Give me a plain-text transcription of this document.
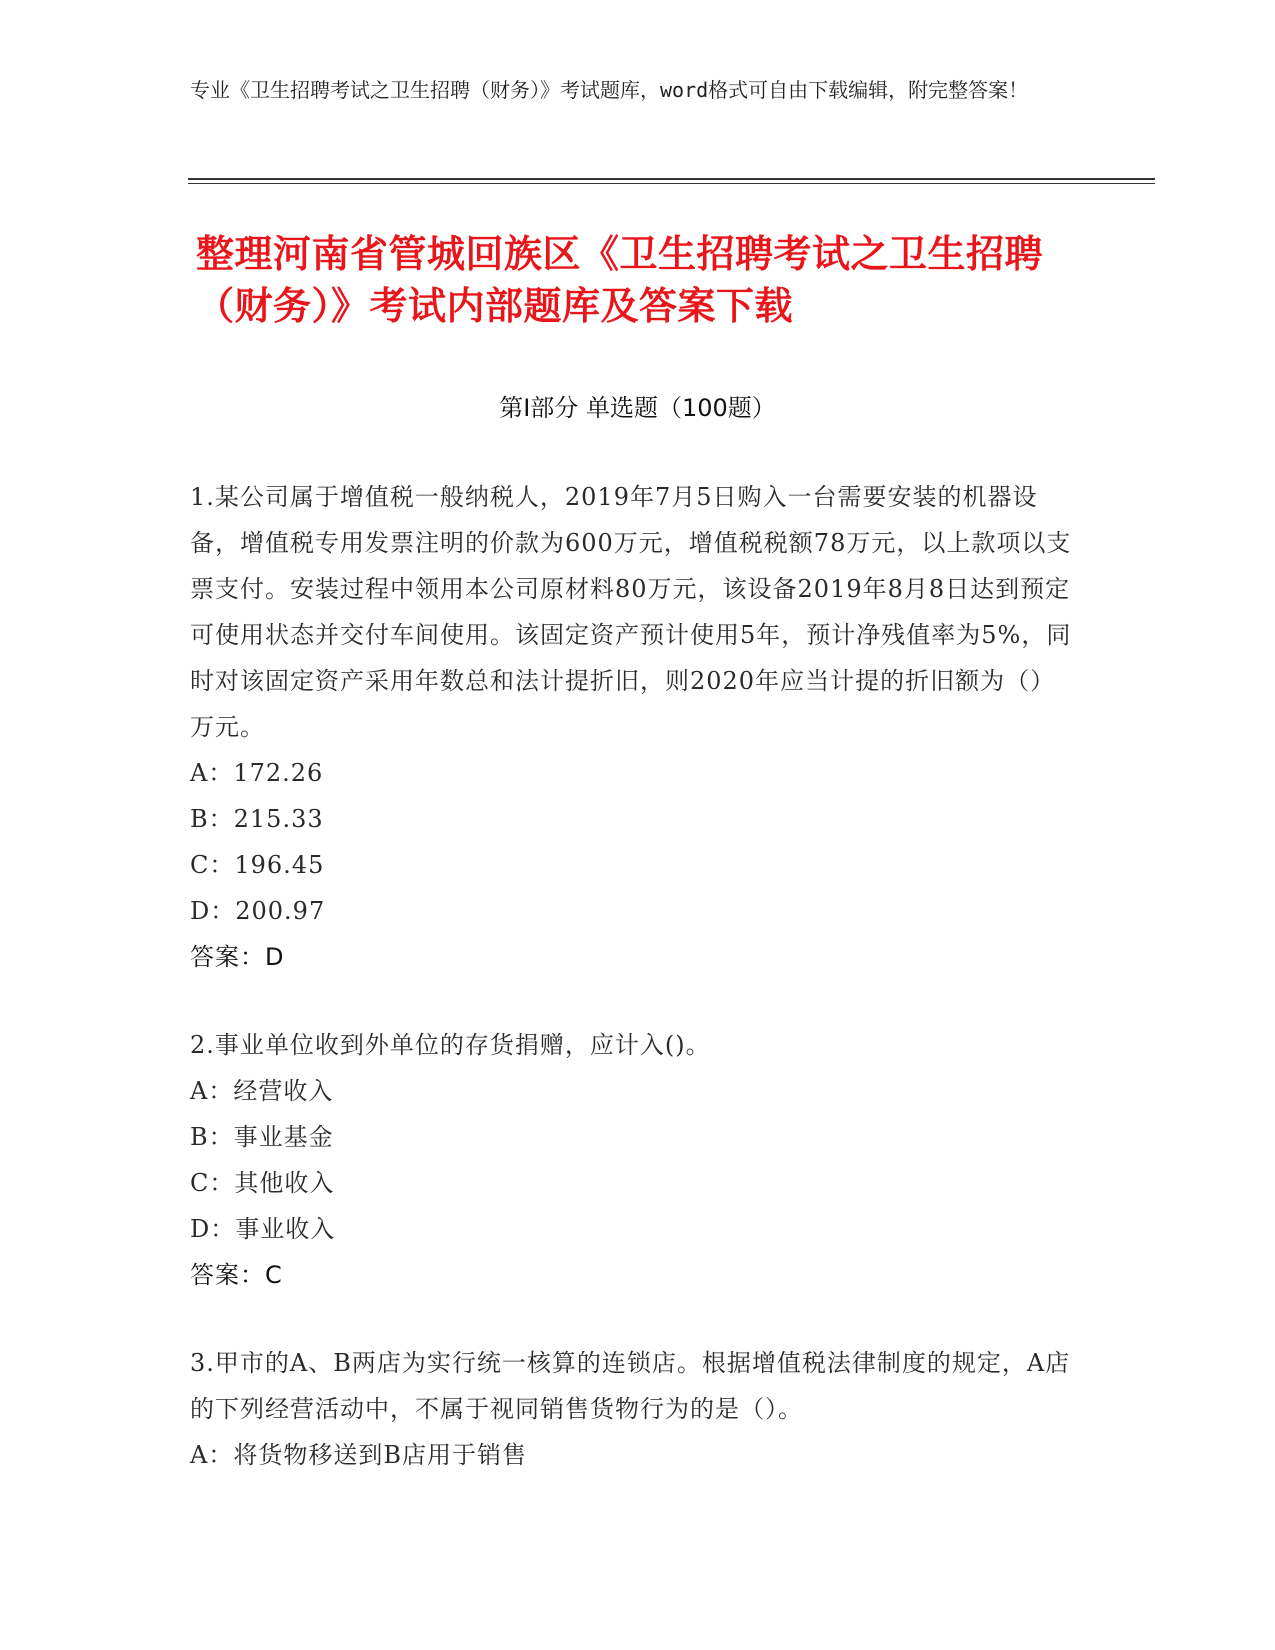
专业《卫生招聘考试之卫生招聘（财务）》考试题库，word格式可自由下载编辑，附完整答案！
整理河南省管城回族区《卫生招聘考试之卫生招聘（财务）》考试内部题库及答案下载
第Ⅰ部分 单选题（100题）

1.某公司属于增值税一般纳税人，2019年7月5日购入一台需要安装的机器设备，增值税专用发票注明的价款为600万元，增值税税额78万元，以上款项以支票支付。安装过程中领用本公司原材料80万元，该设备2019年8月8日达到预定可使用状态并交付车间使用。该固定资产预计使用5年，预计净残值率为5%，同时对该固定资产采用年数总和法计提折旧，则2020年应当计提的折旧额为（）万元。

A：172.26

B：215.33

C：196.45

D：200.97

答案：D

2.事业单位收到外单位的存货捐赠，应计入()。

A：经营收入

B：事业基金

C：其他收入

D：事业收入

答案：C

3.甲市的A、B两店为实行统一核算的连锁店。根据增值税法律制度的规定，A店的下列经营活动中，不属于视同销售货物行为的是（）。

A：将货物移送到B店用于销售
